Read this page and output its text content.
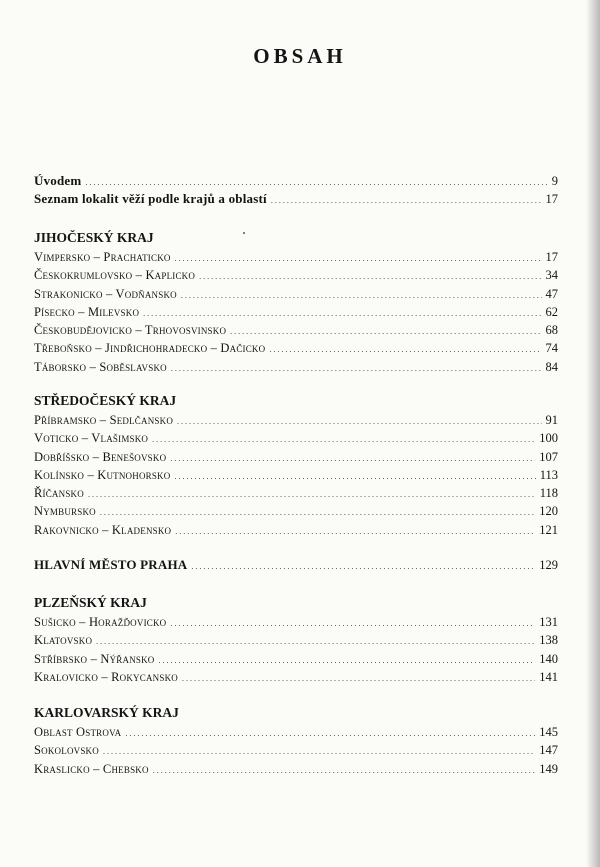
OBSAH
Úvodem .....	9
Seznam lokalit věží podle krajů a oblastí .....	17
JIHOČESKÝ KRAJ
Vimpersko – Prachaticko .....	17
Českokrumlovsko – Kaplicko .....	34
Strakonicko – Vodňansko .....	47
Písecko – Milevsko .....	62
Českobudějovicko – Trhovosvinsko .....	68
Třeboňsko – Jindřichohradecko – Dačicko .....	74
Táborsko – Soběslavsko .....	84
STŘEDOČESKÝ KRAJ
Příbramsko – Sedlčansko .....	91
Voticko – Vlašimsko .....	100
Dobříšsko – Benešovsko .....	107
Kolínsko – Kutnohorsko .....	113
Říčansko .....	118
Nymbursko .....	120
Rakovnicko – Kladensko .....	121
HLAVNÍ MĚSTO PRAHA .....	129
PLZEŇSKÝ KRAJ
Sušicko – Horažďovicko .....	131
Klatovsko .....	138
Stříbrsko – Nýřansko .....	140
Kralovicko – Rokycansko .....	141
KARLOVARSKÝ KRAJ
Oblast Ostrova .....	145
Sokolovsko .....	147
Kraslicko – Chebsko .....	149
